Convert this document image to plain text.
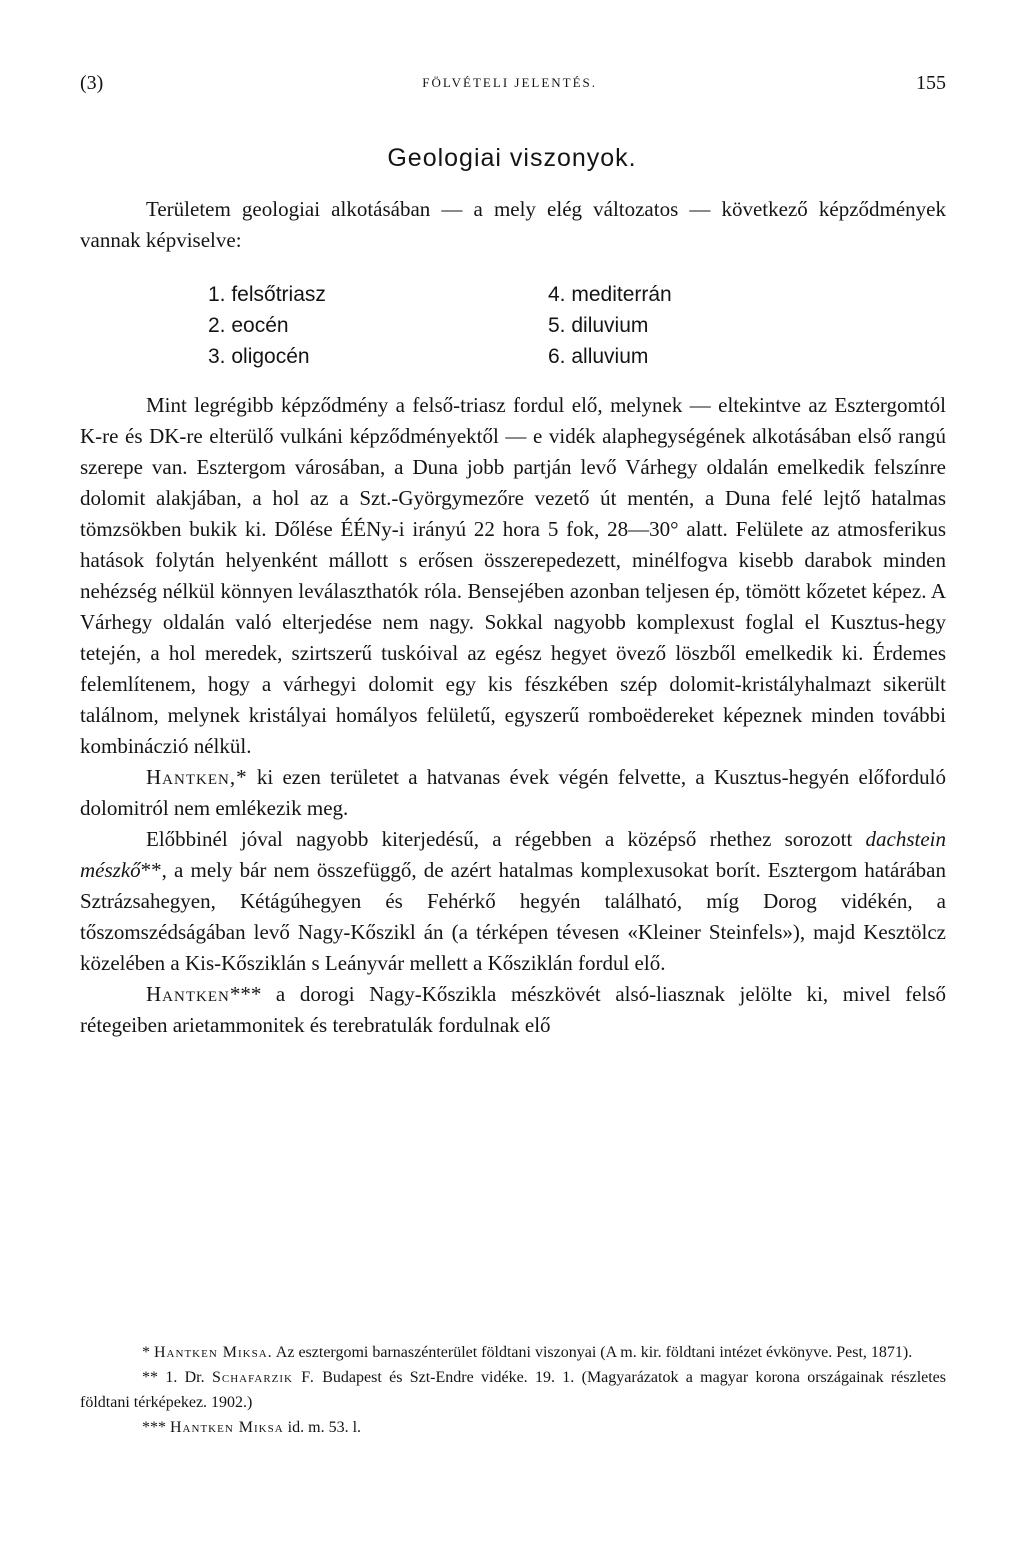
(3)	FÖLVÉTELI JELENTÉS.	155
Geologiai viszonyok.
Területem geologiai alkotásában — a mely elég változatos — következő képződmények vannak képviselve:
1. felsőtriasz	4. mediterrán
2. eocén	5. diluvium
3. oligocén	6. alluvium

Mint legrégibb képződmény a felső-triasz fordul elő, melynek — eltekintve az Esztergomtól K-re és DK-re elterülő vulkáni képződményektől — e vidék alaphegységének alkotásában első rangú szerepe van. Esztergom városában, a Duna jobb partján levő Várhegy oldalán emelkedik felszínre dolomit alakjában, a hol az a Szt.-Györgymezőre vezető út mentén, a Duna felé lejtő hatalmas tömzsökben bukik ki. Dőlése ÉÉNy-i irányú 22 hora 5 fok, 28—30° alatt. Felülete az atmosferikus hatások folytán helyenként mállott s erősen összerepedezett, minélfogva kisebb darabok minden nehézség nélkül könnyen leválaszthatók róla. Bensejében azonban teljesen ép, tömött kőzetet képez. A Várhegy oldalán való elterjedése nem nagy. Sokkal nagyobb komplexust foglal el Kusztus-hegy tetején, a hol meredek, szirtszerű tuskóival az egész hegyet övező löszből emelkedik ki. Érdemes felemlítenem, hogy a várhegyi dolomit egy kis fészkében szép dolomit-kristályhalmazt sikerült találnom, melynek kristályai homályos felületű, egyszerű romboëdereket képeznek minden további kombináczió nélkül.

Hantken,* ki ezen területet a hatvanas évek végén felvette, a Kusztus-hegyén előforduló dolomitról nem emlékezik meg.

Előbbinél jóval nagyobb kiterjedésű, a régebben a középső rhethez sorozott dachstein mészkő**, a mely bár nem összefüggő, de azért hatalmas komplexusokat borít. Esztergom határában Sztrázsahegyen, Kétágúhegyen és Fehérkő hegyén található, míg Dorog vidékén, a tőszomszédságában levő Nagy-Kőszikl án (a térképen tévesen «Kleiner Steinfels»), majd Kesztölcz közelében a Kis-Kősziklán s Leányvár mellett a Kősziklán fordul elő.

Hantken*** a dorogi Nagy-Kőszikla mészkövét alsó-liasznak jelölte ki, mivel felső rétegeiben arietammonitek és terebratulák fordulnak elő

* Hantken Miksa. Az esztergomi barnaszénterület földtani viszonyai (A m. kir. földtani intézet évkönyve. Pest, 1871).

** 1. Dr. Schafarzik F. Budapest és Szt-Endre vidéke. 19. 1. (Magyarázatok a magyar korona országainak részletes földtani térképekez. 1902.)

*** Hantken Miksa id. m. 53. l.
